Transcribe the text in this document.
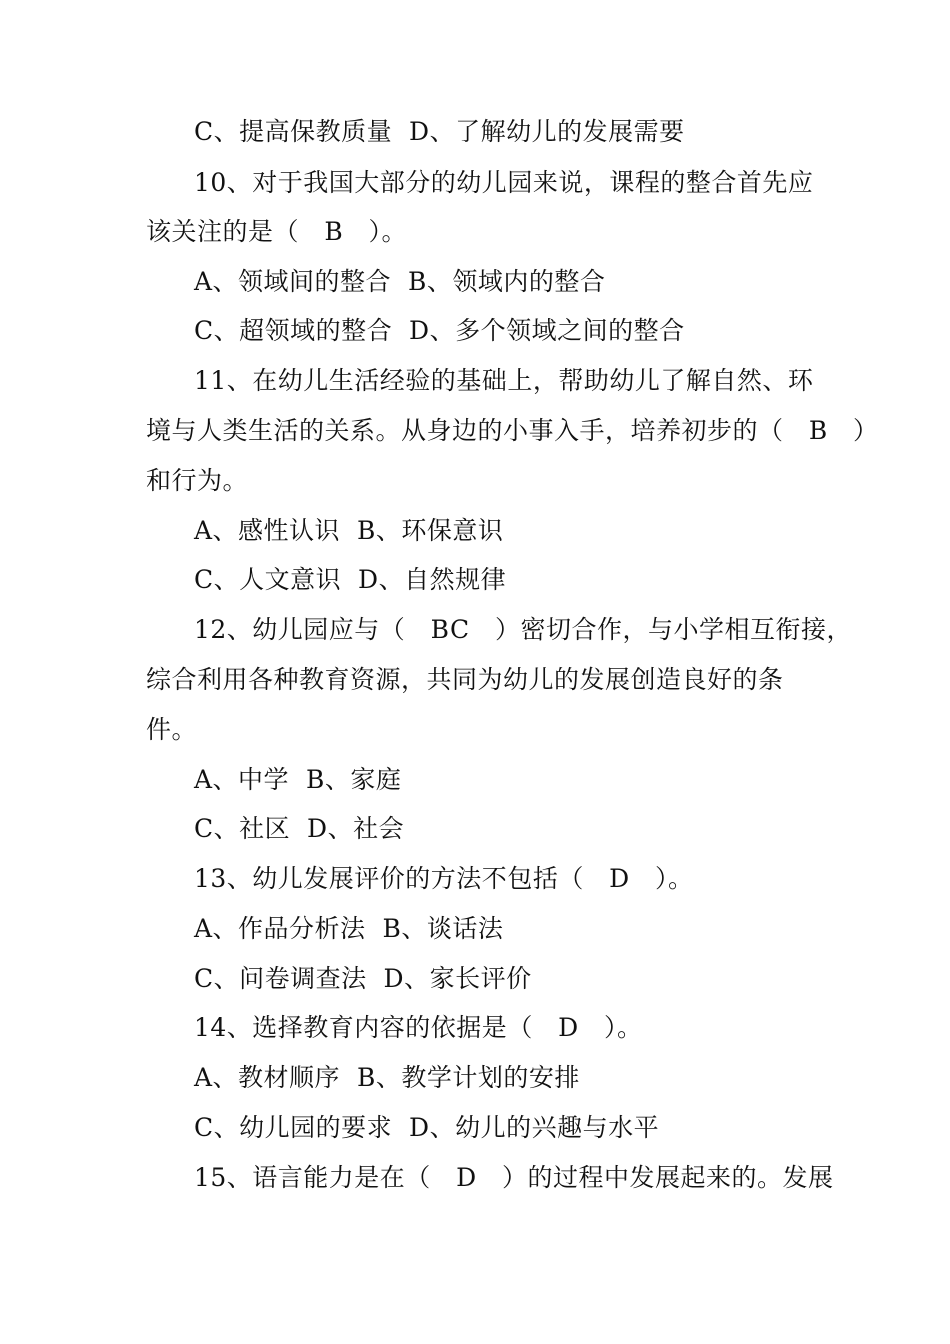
C、提高保教质量  D、了解幼儿的发展需要
10、对于我国大部分的幼儿园来说，课程的整合首先应
该关注的是（   B   ）。
A、领域间的整合  B、领域内的整合
C、超领域的整合  D、多个领域之间的整合
11、在幼儿生活经验的基础上，帮助幼儿了解自然、环
境与人类生活的关系。从身边的小事入手，培养初步的（   B   ）
和行为。
A、感性认识  B、环保意识
C、人文意识  D、自然规律
12、幼儿园应与（   BC   ）密切合作，与小学相互衔接，
综合利用各种教育资源，共同为幼儿的发展创造良好的条
件。
A、中学  B、家庭
C、社区  D、社会
13、幼儿发展评价的方法不包括（   D   ）。
A、作品分析法  B、谈话法
C、问卷调查法  D、家长评价
14、选择教育内容的依据是（   D   ）。
A、教材顺序  B、教学计划的安排
C、幼儿园的要求  D、幼儿的兴趣与水平
15、语言能力是在（   D   ）的过程中发展起来的。发展
